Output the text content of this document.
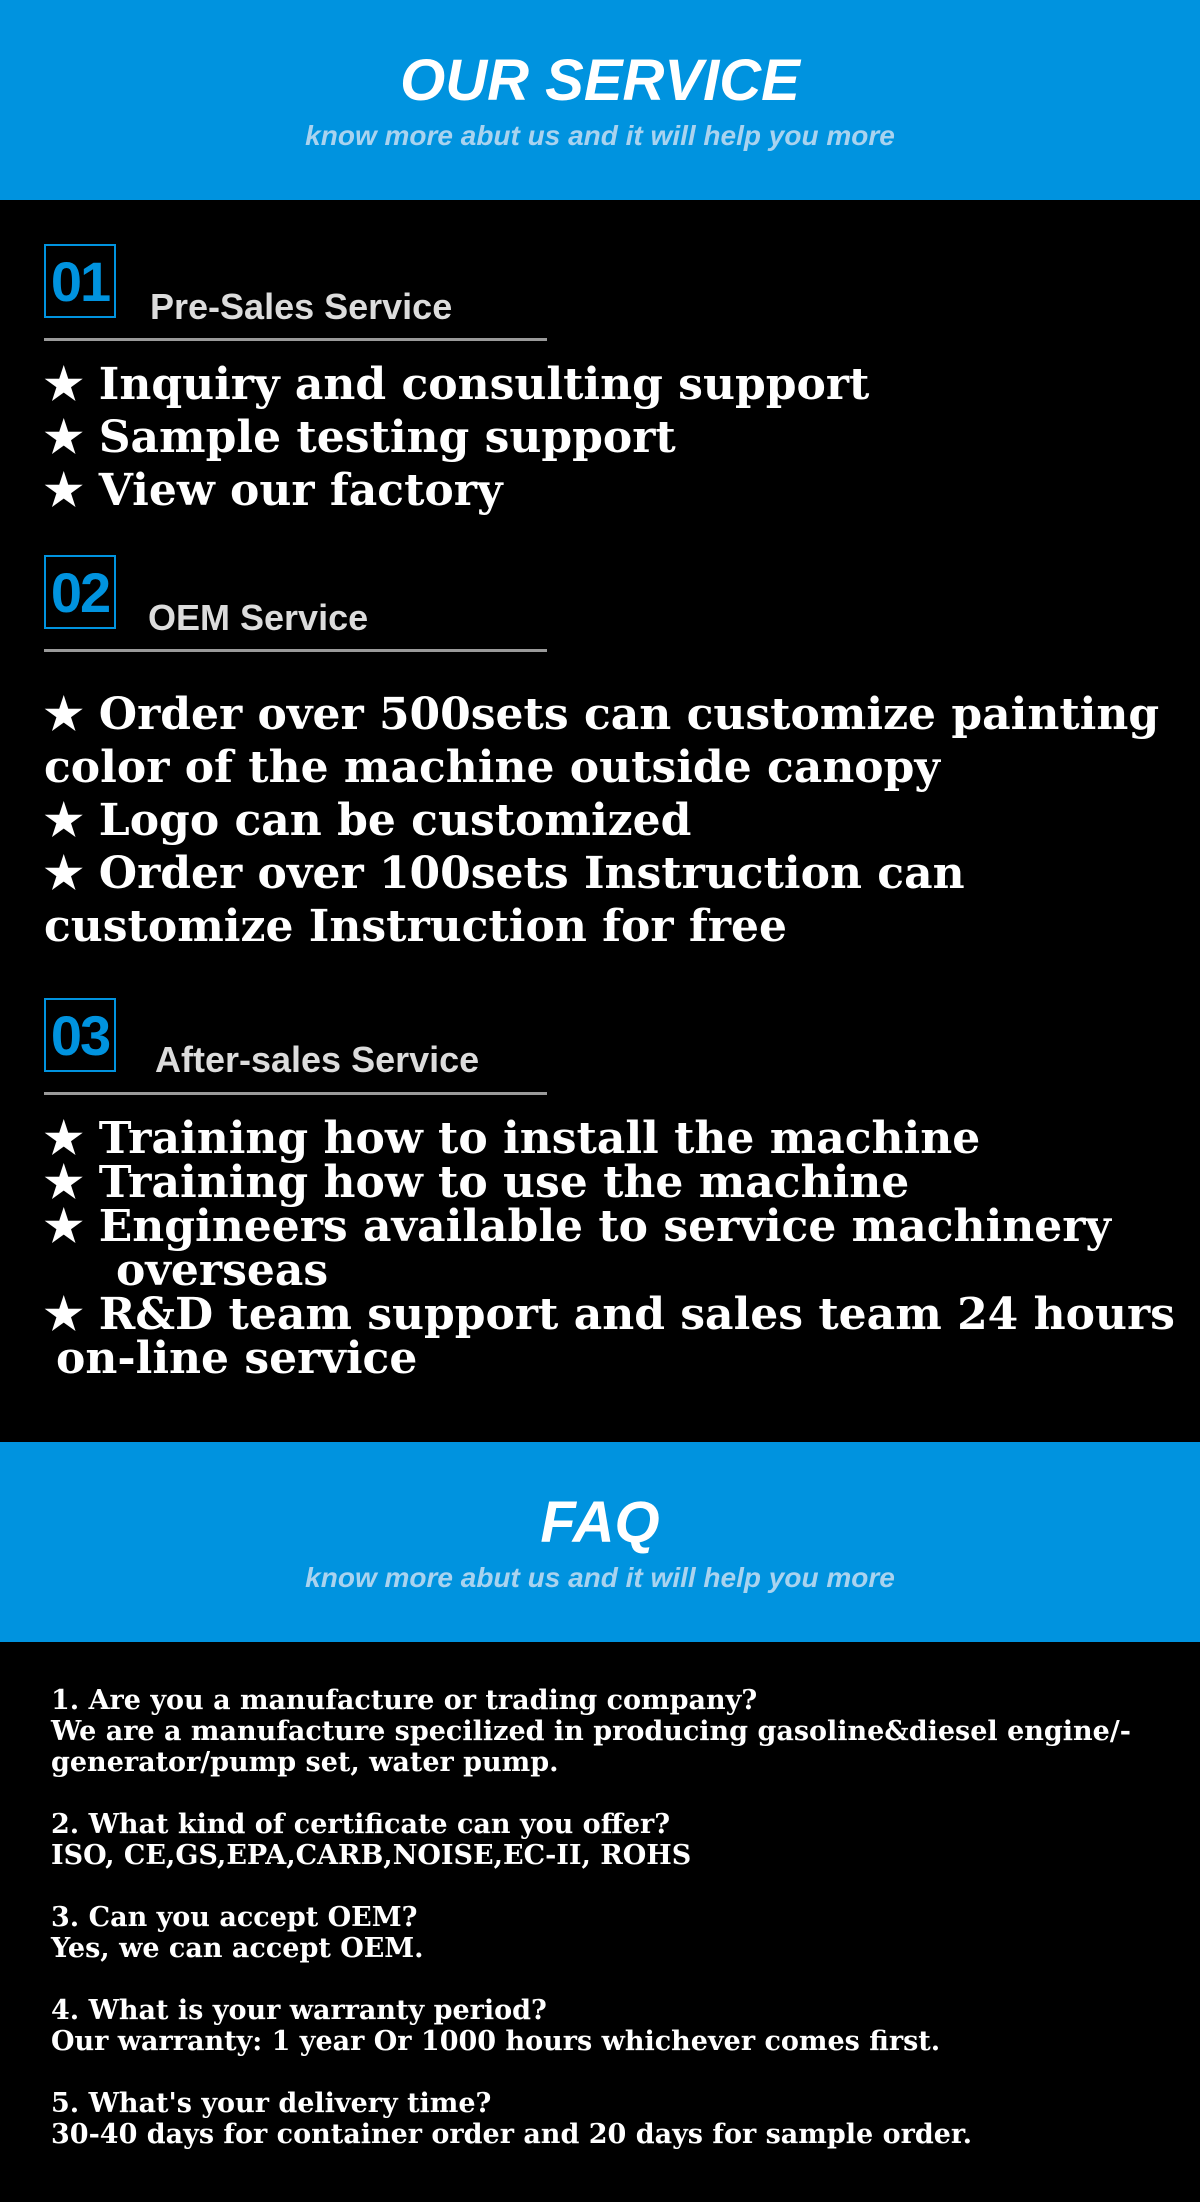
OUR SERVICE
know more abut us and it will help you more
01 Pre-Sales Service
★ Inquiry and consulting support
★ Sample testing support
★ View our factory
02 OEM Service
★ Order over 500sets can customize painting
color of the machine outside canopy
★ Logo can be customized
★ Order over 100sets Instruction can
customize Instruction for free
03 After-sales Service
★ Training how to install the machine
★ Training how to use the machine
★ Engineers available to service machinery
overseas
★ R&D team support and sales team 24 hours
on-line service
FAQ
know more abut us and it will help you more
1. Are you a manufacture or trading company?
We are a manufacture specilized in producing gasoline&diesel engine/-
generator/pump set, water pump.
2. What kind of certificate can you offer?
ISO, CE,GS,EPA,CARB,NOISE,EC-II, ROHS
3. Can you accept OEM?
Yes, we can accept OEM.
4. What is your warranty period?
Our warranty: 1 year Or 1000 hours whichever comes first.
5. What's your delivery time?
30-40 days for container order and 20 days for sample order.
